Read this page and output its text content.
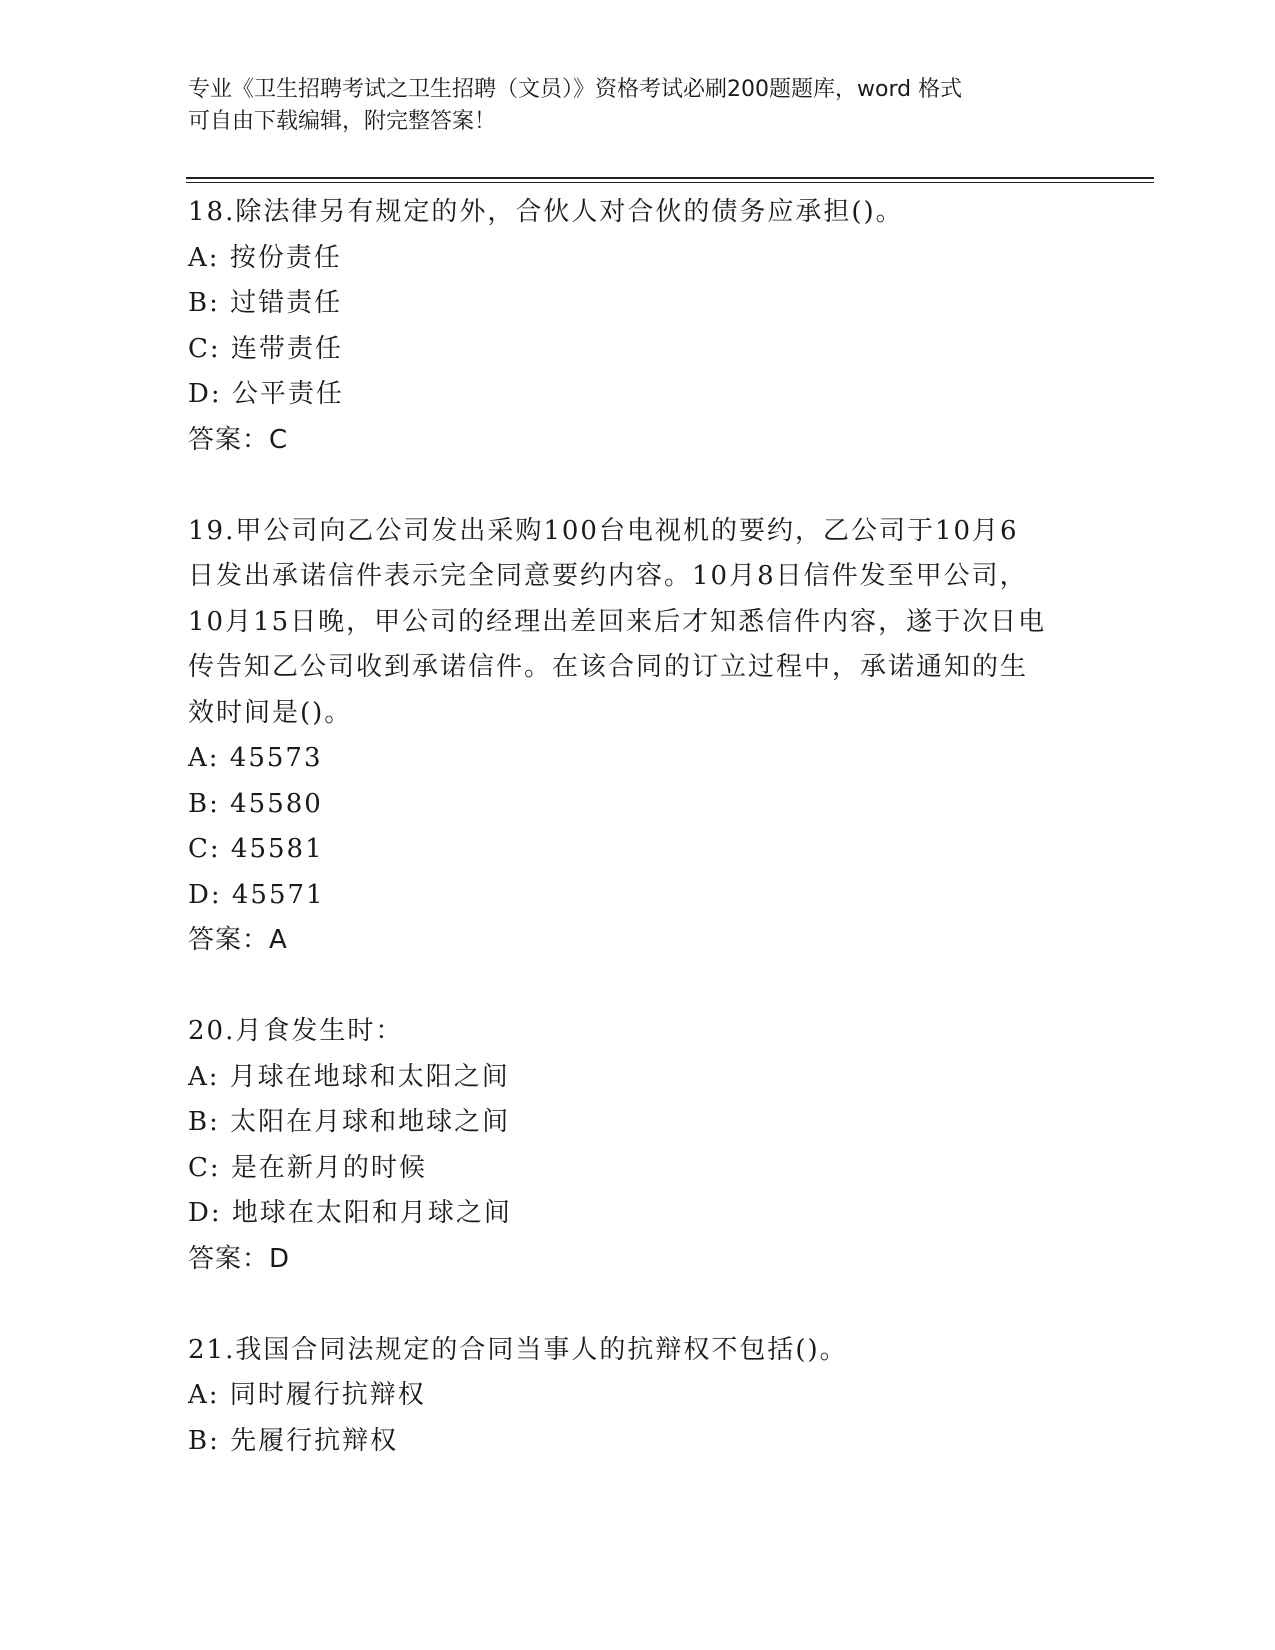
专业《卫生招聘考试之卫生招聘（文员）》资格考试必刷200题题库，word 格式
可自由下载编辑，附完整答案！
18.除法律另有规定的外，合伙人对合伙的债务应承担()。
A: 按份责任
B: 过错责任
C: 连带责任
D: 公平责任
答案：C
19.甲公司向乙公司发出采购100台电视机的要约，乙公司于10月6
日发出承诺信件表示完全同意要约内容。10月8日信件发至甲公司，
10月15日晚，甲公司的经理出差回来后才知悉信件内容，遂于次日电
传告知乙公司收到承诺信件。在该合同的订立过程中，承诺通知的生
效时间是()。
A: 45573
B: 45580
C: 45581
D: 45571
答案：A
20.月食发生时：
A: 月球在地球和太阳之间
B: 太阳在月球和地球之间
C: 是在新月的时候
D: 地球在太阳和月球之间
答案：D
21.我国合同法规定的合同当事人的抗辩权不包括()。
A: 同时履行抗辩权
B: 先履行抗辩权
